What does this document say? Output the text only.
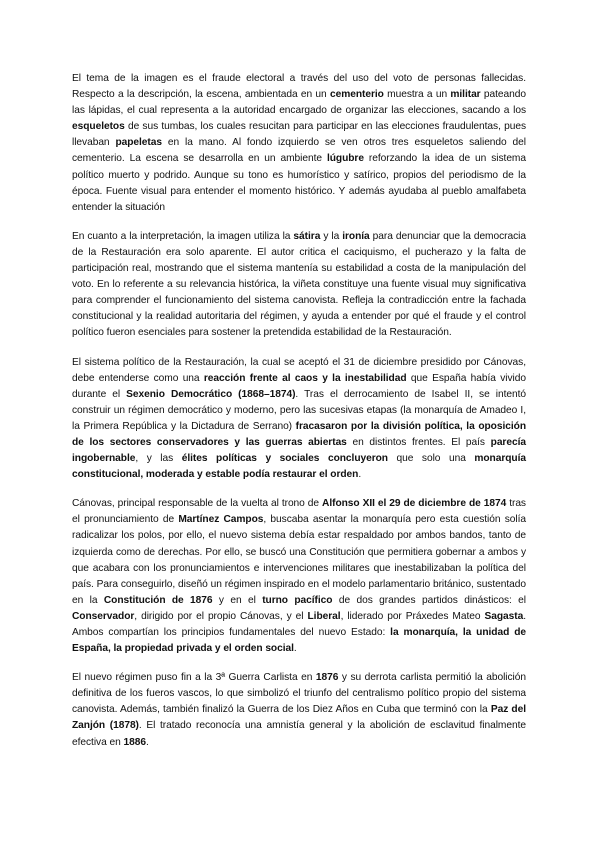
El tema de la imagen es el fraude electoral a través del uso del voto de personas fallecidas. Respecto a la descripción, la escena, ambientada en un cementerio muestra a un militar pateando las lápidas, el cual representa a la autoridad encargado de organizar las elecciones, sacando a los esqueletos de sus tumbas, los cuales resucitan para participar en las elecciones fraudulentas, pues llevaban papeletas en la mano. Al fondo izquierdo se ven otros tres esqueletos saliendo del cementerio. La escena se desarrolla en un ambiente lúgubre reforzando la idea de un sistema político muerto y podrido. Aunque su tono es humorístico y satírico, propios del periodismo de la época. Fuente visual para entender el momento histórico. Y además ayudaba al pueblo amalfabeta entender la situación

En cuanto a la interpretación, la imagen utiliza la sátira y la ironía para denunciar que la democracia de la Restauración era solo aparente. El autor critica el caciquismo, el pucherazo y la falta de participación real, mostrando que el sistema mantenía su estabilidad a costa de la manipulación del voto. En lo referente a su relevancia histórica, la viñeta constituye una fuente visual muy significativa para comprender el funcionamiento del sistema canovista. Refleja la contradicción entre la fachada constitucional y la realidad autoritaria del régimen, y ayuda a entender por qué el fraude y el control político fueron esenciales para sostener la pretendida estabilidad de la Restauración.

El sistema político de la Restauración, la cual se aceptó el 31 de diciembre presidido por Cánovas, debe entenderse como una reacción frente al caos y la inestabilidad que España había vivido durante el Sexenio Democrático (1868–1874). Tras el derrocamiento de Isabel II, se intentó construir un régimen democrático y moderno, pero las sucesivas etapas (la monarquía de Amadeo I, la Primera República y la Dictadura de Serrano) fracasaron por la división política, la oposición de los sectores conservadores y las guerras abiertas en distintos frentes. El país parecía ingobernable, y las élites políticas y sociales concluyeron que solo una monarquía constitucional, moderada y estable podía restaurar el orden.

Cánovas, principal responsable de la vuelta al trono de Alfonso XII el 29 de diciembre de 1874 tras el pronunciamiento de Martínez Campos, buscaba asentar la monarquía pero esta cuestión solía radicalizar los polos, por ello, el nuevo sistema debía estar respaldado por ambos bandos, tanto de izquierda como de derechas. Por ello, se buscó una Constitución que permitiera gobernar a ambos y que acabara con los pronunciamientos e intervenciones militares que inestabilizaban la política del país. Para conseguirlo, diseñó un régimen inspirado en el modelo parlamentario británico, sustentado en la Constitución de 1876 y en el turno pacífico de dos grandes partidos dinásticos: el Conservador, dirigido por el propio Cánovas, y el Liberal, liderado por Práxedes Mateo Sagasta. Ambos compartían los principios fundamentales del nuevo Estado: la monarquía, la unidad de España, la propiedad privada y el orden social.

El nuevo régimen puso fin a la 3ª Guerra Carlista en 1876 y su derrota carlista permitió la abolición definitiva de los fueros vascos, lo que simbolizó el triunfo del centralismo político propio del sistema canovista. Además, también finalizó la Guerra de los Diez Años en Cuba que terminó con la Paz del Zanjón (1878). El tratado reconocía una amnistía general y la abolición de esclavitud finalmente efectiva en 1886.
